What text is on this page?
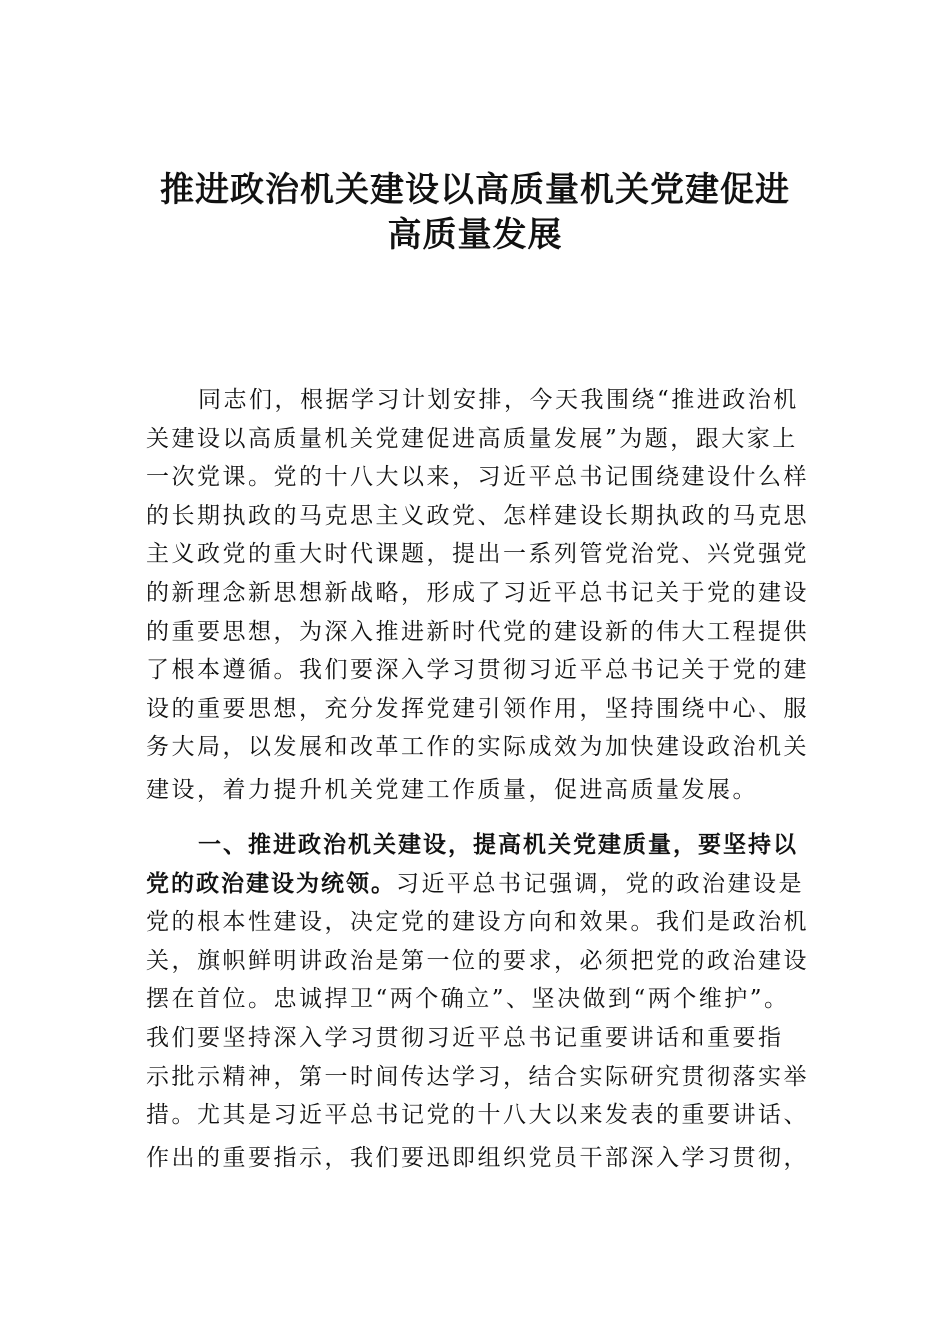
推进政治机关建设以高质量机关党建促进
高质量发展
同志们，根据学习计划安排，今天我围绕“推进政治机
关建设以高质量机关党建促进高质量发展”为题，跟大家上
一次党课。党的十八大以来，习近平总书记围绕建设什么样
的长期执政的马克思主义政党、怎样建设长期执政的马克思
主义政党的重大时代课题，提出一系列管党治党、兴党强党
的新理念新思想新战略，形成了习近平总书记关于党的建设
的重要思想，为深入推进新时代党的建设新的伟大工程提供
了根本遵循。我们要深入学习贯彻习近平总书记关于党的建
设的重要思想，充分发挥党建引领作用，坚持围绕中心、服
务大局，以发展和改革工作的实际成效为加快建设政治机关
建设，着力提升机关党建工作质量，促进高质量发展。
一、推进政治机关建设，提高机关党建质量，要坚持以
党的政治建设为统领。习近平总书记强调，党的政治建设是
党的根本性建设，决定党的建设方向和效果。我们是政治机
关，旗帜鲜明讲政治是第一位的要求，必须把党的政治建设
摆在首位。忠诚捍卫“两个确立”、坚决做到“两个维护”。
我们要坚持深入学习贯彻习近平总书记重要讲话和重要指
示批示精神，第一时间传达学习，结合实际研究贯彻落实举
措。尤其是习近平总书记党的十八大以来发表的重要讲话、
作出的重要指示，我们要迅即组织党员干部深入学习贯彻，
